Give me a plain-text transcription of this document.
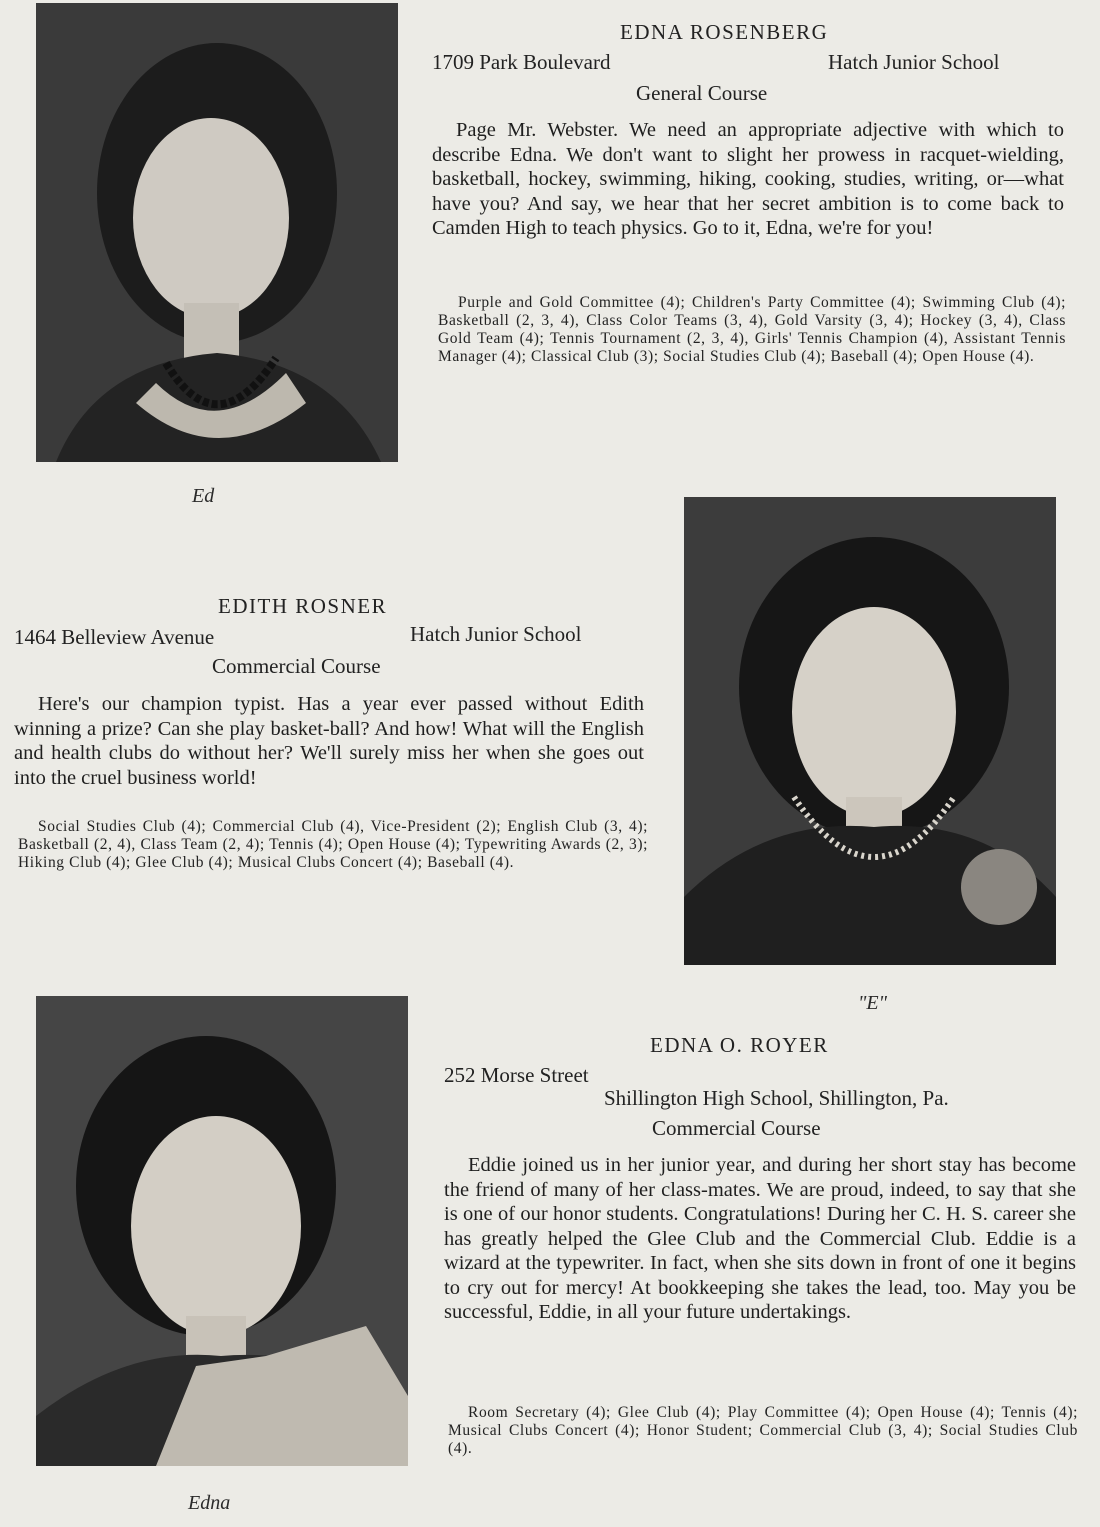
Ed
EDNA ROSENBERG
1709 Park Boulevard	Hatch Junior School
General Course

Page Mr. Webster. We need an appropriate adjective with which to describe Edna. We don't want to slight her prowess in racquet-wielding, basketball, hockey, swimming, hiking, cooking, studies, writing, or—what have you? And say, we hear that her secret ambition is to come back to Camden High to teach physics. Go to it, Edna, we're for you!

Purple and Gold Committee (4); Children's Party Committee (4); Swimming Club (4); Basketball (2, 3, 4), Class Color Teams (3, 4), Gold Varsity (3, 4); Hockey (3, 4), Class Gold Team (4); Tennis Tournament (2, 3, 4), Girls' Tennis Champion (4), Assistant Tennis Manager (4); Classical Club (3); Social Studies Club (4); Baseball (4); Open House (4).

"E"
EDITH ROSNER
1464 Belleview Avenue	Hatch Junior School
Commercial Course

Here's our champion typist. Has a year ever passed without Edith winning a prize? Can she play basket-ball? And how! What will the English and health clubs do without her? We'll surely miss her when she goes out into the cruel business world!

Social Studies Club (4); Commercial Club (4), Vice-President (2); English Club (3, 4); Basketball (2, 4), Class Team (2, 4); Tennis (4); Open House (4); Typewriting Awards (2, 3); Hiking Club (4); Glee Club (4); Musical Clubs Concert (4); Baseball (4).

Edna
EDNA O. ROYER
252 Morse Street
Shillington High School, Shillington, Pa.
Commercial Course

Eddie joined us in her junior year, and during her short stay has become the friend of many of her class-mates. We are proud, indeed, to say that she is one of our honor students. Congratulations! During her C. H. S. career she has greatly helped the Glee Club and the Commercial Club. Eddie is a wizard at the typewriter. In fact, when she sits down in front of one it begins to cry out for mercy! At bookkeeping she takes the lead, too. May you be successful, Eddie, in all your future undertakings.

Room Secretary (4); Glee Club (4); Play Committee (4); Open House (4); Tennis (4); Musical Clubs Concert (4); Honor Student; Commercial Club (3, 4); Social Studies Club (4).
